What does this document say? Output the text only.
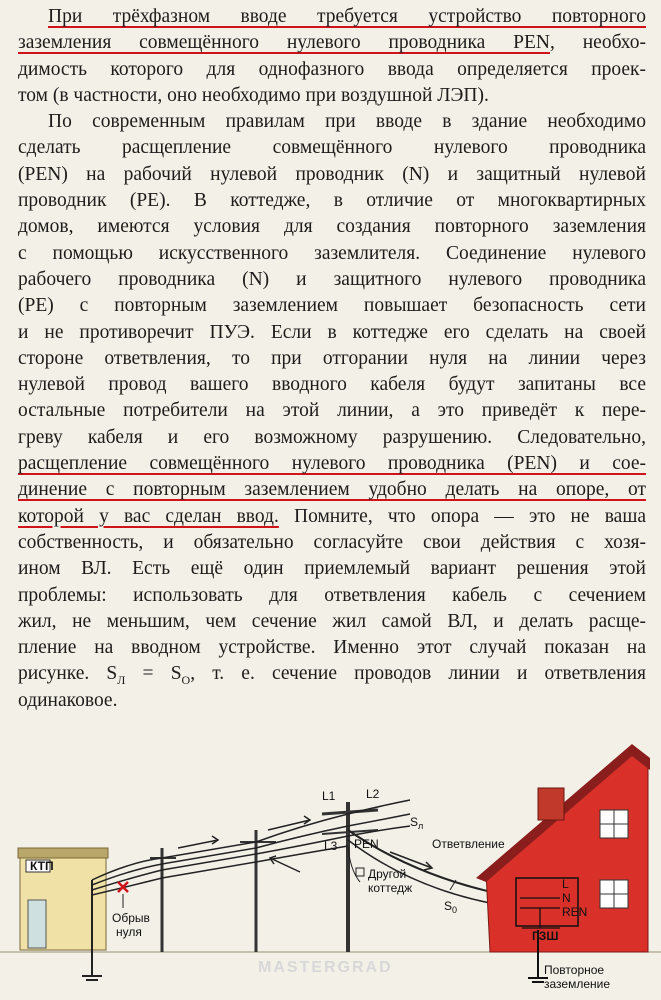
При трёхфазном вводе требуется устройство повторного
заземления совмещённого нулевого проводника PEN, необхо-
димость которого для однофазного ввода определяется проек-
том (в частности, оно необходимо при воздушной ЛЭП).
По современным правилам при вводе в здание необходимо
сделать расщепление совмещённого нулевого проводника
(PEN) на рабочий нулевой проводник (N) и защитный нулевой
проводник (PE). В коттедже, в отличие от многоквартирных
домов, имеются условия для создания повторного заземления
с помощью искусственного заземлителя. Соединение нулевого
рабочего проводника (N) и защитного нулевого проводника
(PE) с повторным заземлением повышает безопасность сети
и не противоречит ПУЭ. Если в коттедже его сделать на своей
стороне ответвления, то при отгорании нуля на линии через
нулевой провод вашего вводного кабеля будут запитаны все
остальные потребители на этой линии, а это приведёт к пере-
греву кабеля и его возможному разрушению. Следовательно,
расщепление совмещённого нулевого проводника (PEN) и сое-
динение с повторным заземлением удобно делать на опоре, от
которой у вас сделан ввод. Помните, что опора — это не ваша
собственность, и обязательно согласуйте свои действия с хозя-
ином ВЛ. Есть ещё один приемлемый вариант решения этой
проблемы: использовать для ответвления кабель с сечением
жил, не меньшим, чем сечение жил самой ВЛ, и делать расще-
пление на вводном устройстве. Именно этот случай показан на
рисунке. $S_Л = S_О$, т. е. сечение проводов линии и ответвления
одинаковое.
КТП
Обрыв
нуля
L1	L2
L3 PEN
$S_л$
Ответвление
Другой
коттедж
$S_0$
L
N
REN
ГЗШ
Повторное
заземление
MASTERGRAD
